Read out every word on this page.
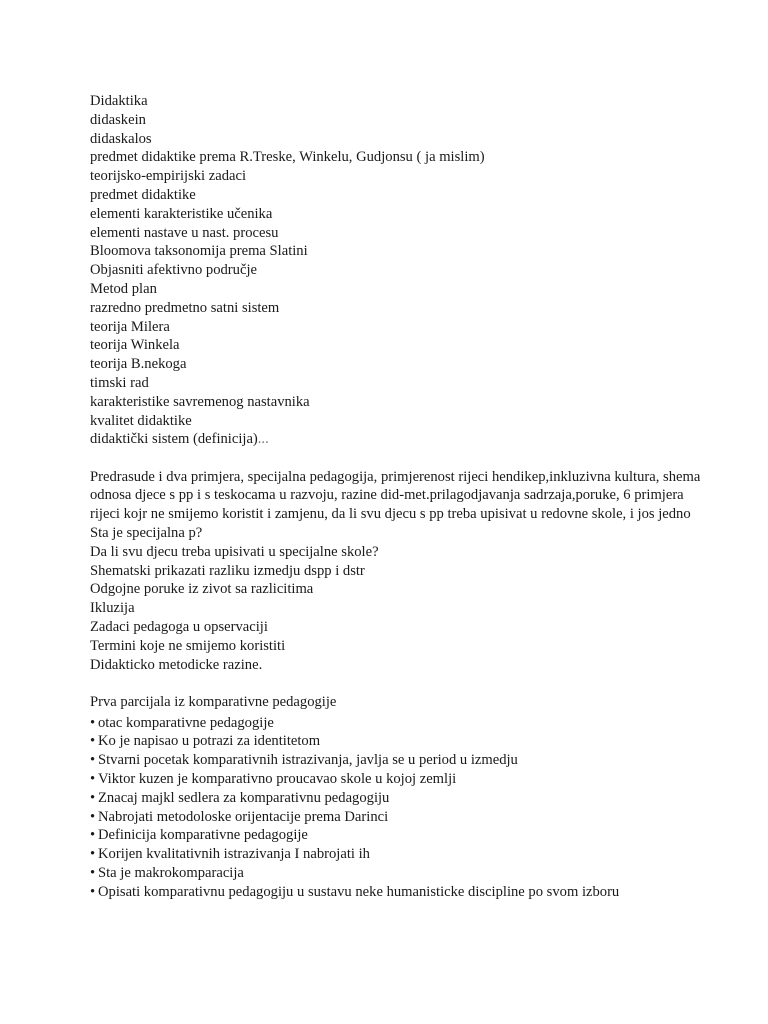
Didaktika
didaskein
didaskalos
predmet didaktike prema R.Treske, Winkelu, Gudjonsu ( ja mislim)
teorijsko-empirijski zadaci
predmet didaktike
elementi karakteristike učenika
elementi nastave u nast. procesu
Bloomova taksonomija prema Slatini
Objasniti afektivno područje
Metod plan
razredno predmetno satni sistem
teorija Milera
teorija Winkela
teorija B.nekoga
timski rad
karakteristike savremenog nastavnika
kvalitet didaktike
didaktički sistem (definicija)...
Predrasude i dva primjera, specijalna pedagogija, primjerenost rijeci hendikep,inkluzivna kultura, shema odnosa djece s pp i s teskocama u razvoju, razine did-met.prilagodjavanja sadrzaja,poruke, 6 primjera rijeci kojr ne smijemo koristit i zamjenu, da li svu djecu s pp treba upisivat u redovne skole, i jos jedno
Sta je specijalna p?
Da li svu djecu treba upisivati u specijalne skole?
Shematski prikazati razliku izmedju dspp i dstr
Odgojne poruke iz zivot sa razlicitima
Ikluzija
Zadaci pedagoga u opservaciji
Termini koje ne smijemo koristiti
Didakticko metodicke razine.
Prva parcijala iz komparativne pedagogije
• otac komparativne pedagogije
• Ko je napisao u potrazi za identitetom
• Stvarni pocetak komparativnih istrazivanja, javlja se u period u izmedju
• Viktor kuzen je komparativno proucavao skole u kojoj zemlji
• Znacaj majkl sedlera za komparativnu pedagogiju
• Nabrojati metodoloske orijentacije prema Darinci
• Definicija komparativne pedagogije
• Korijen kvalitativnih istrazivanja I nabrojati ih
• Sta je makrokomparacija
• Opisati komparativnu pedagogiju u sustavu neke humanisticke discipline po svom izboru
